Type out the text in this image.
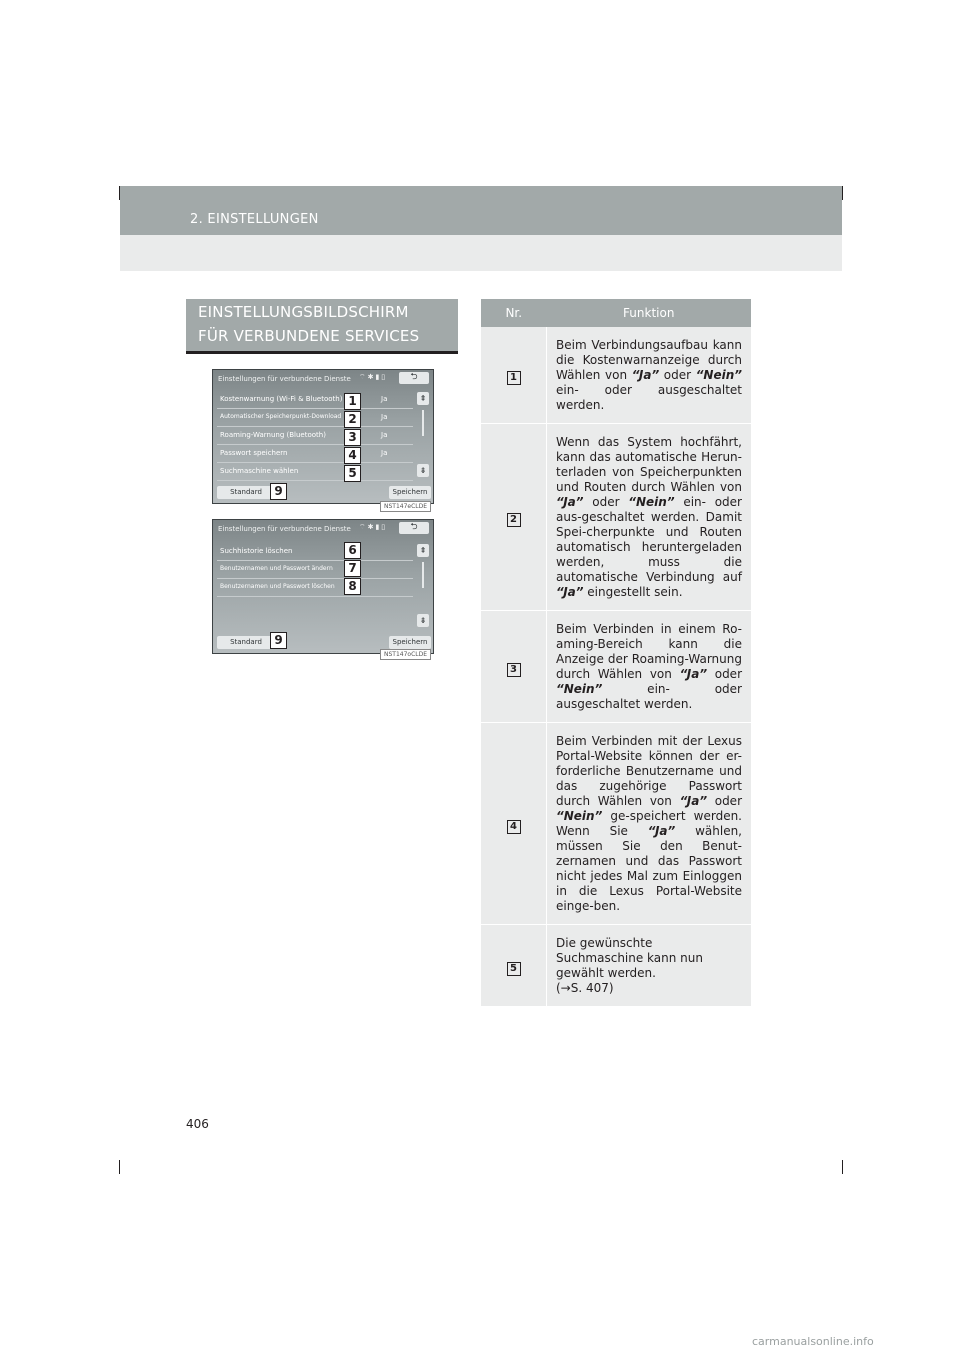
2. EINSTELLUNGEN
EINSTELLUNGSBILDSCHIRM
FÜR VERBUNDENE SERVICES
Einstellungen für verbundene Dienste ⌔✱▮▯	⮌
Kostenwarnung (Wi-Fi & Bluetooth)	Ja
Automatischer Speicherpunkt-Download	Ja
Roaming-Warnung (Bluetooth)	Ja
Passwort speichern	Ja
Suchmaschine wählen
⇞
⇟
Standard	Speichern
1
2
3
4
5
9
NST147eCLDE
Einstellungen für verbundene Dienste ⌔✱▮▯	⮌
Suchhistorie löschen
Benutzernamen und Passwort ändern
Benutzernamen und Passwort löschen
⇞
⇟
Standard	Speichern
6
7
8
9
NST147oCLDE
Nr.	Funktion
1	Beim Verbindungsaufbau kann die Kostenwarnanzeige durch Wählen von “Ja” oder “Nein” ein- oder ausgeschaltet werden.
2	Wenn das System hochfährt, kann das automatische Herun-terladen von Speicherpunkten und Routen durch Wählen von “Ja” oder “Nein” ein- oder aus-geschaltet werden. Damit Spei-cherpunkte und Routen automatisch heruntergeladen werden, muss die automatische Verbindung auf “Ja” eingestellt sein.
3	Beim Verbinden in einem Ro-aming-Bereich kann die Anzeige der Roaming-Warnung durch Wählen von “Ja” oder “Nein” ein- oder ausgeschaltet werden.
4	Beim Verbinden mit der Lexus Portal-Website können der er-forderliche Benutzername und das zugehörige Passwort durch Wählen von “Ja” oder “Nein” ge-speichert werden. Wenn Sie “Ja” wählen, müssen Sie den Benut-zernamen und das Passwort nicht jedes Mal zum Einloggen in die Lexus Portal-Website einge-ben.
5	Die gewünschte Suchmaschine kann nun gewählt werden.
(→S. 407)
406
carmanualsonline.info
